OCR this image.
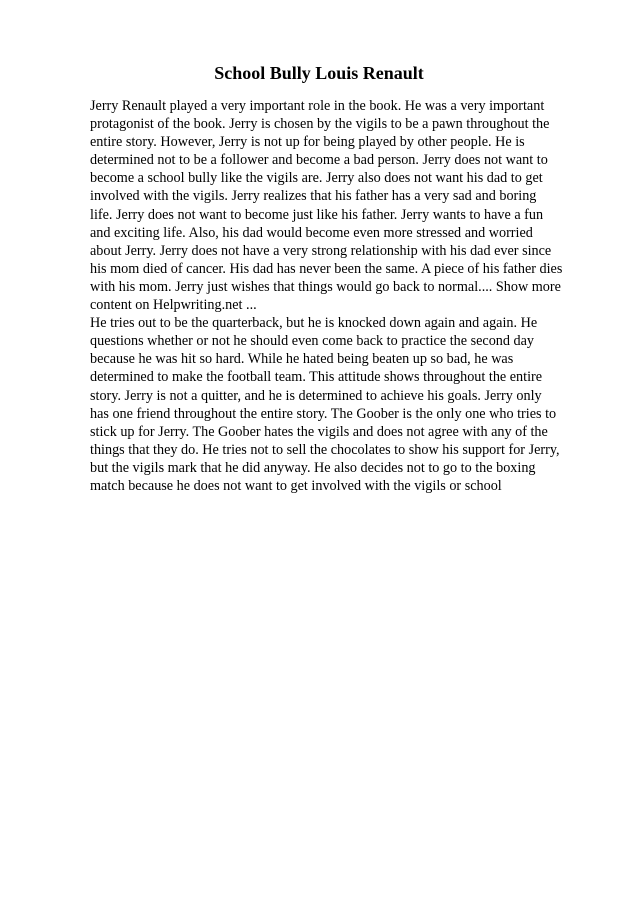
School Bully Louis Renault
Jerry Renault played a very important role in the book. He was a very important
protagonist of the book. Jerry is chosen by the vigils to be a pawn throughout the
entire story. However, Jerry is not up for being played by other people. He is
determined not to be a follower and become a bad person. Jerry does not want to
become a school bully like the vigils are. Jerry also does not want his dad to get
involved with the vigils. Jerry realizes that his father has a very sad and boring
life. Jerry does not want to become just like his father. Jerry wants to have a fun
and exciting life. Also, his dad would become even more stressed and worried
about Jerry. Jerry does not have a very strong relationship with his dad ever since
his mom died of cancer. His dad has never been the same. A piece of his father dies
with his mom. Jerry just wishes that things would go back to normal.... Show more
content on Helpwriting.net ...
He tries out to be the quarterback, but he is knocked down again and again. He
questions whether or not he should even come back to practice the second day
because he was hit so hard. While he hated being beaten up so bad, he was
determined to make the football team. This attitude shows throughout the entire
story. Jerry is not a quitter, and he is determined to achieve his goals. Jerry only
has one friend throughout the entire story. The Goober is the only one who tries to
stick up for Jerry. The Goober hates the vigils and does not agree with any of the
things that they do. He tries not to sell the chocolates to show his support for Jerry,
but the vigils mark that he did anyway. He also decides not to go to the boxing
match because he does not want to get involved with the vigils or school
